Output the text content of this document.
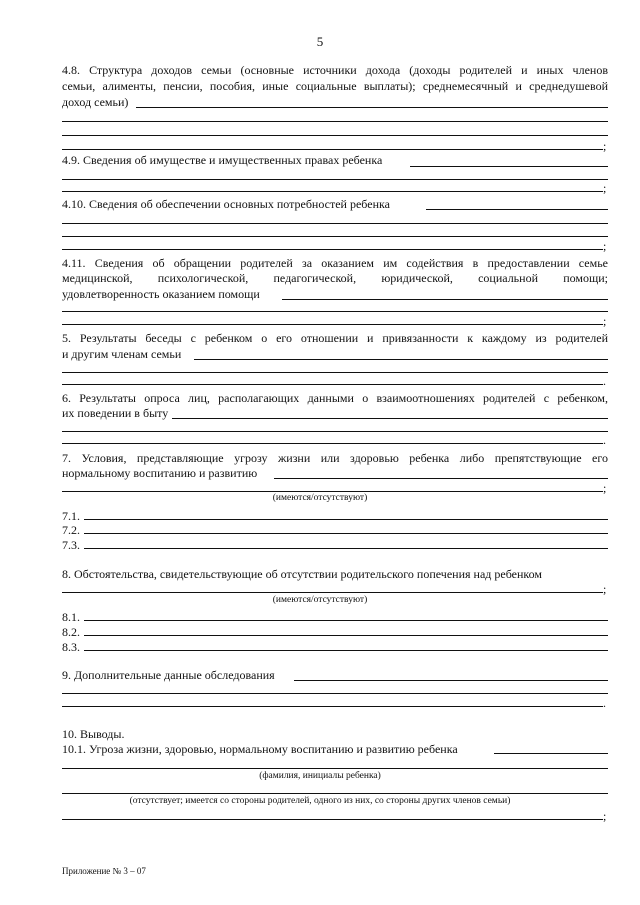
5
4.8. Структура доходов семьи (основные источники дохода (доходы родителей и иных членов
семьи, алименты, пенсии, пособия, иные социальные выплаты); среднемесячный и среднедушевой
доход семьи)
;
4.9. Сведения об имуществе и имущественных правах ребенка
;
4.10. Сведения об обеспечении основных потребностей ребенка
;
4.11. Сведения об обращении родителей за оказанием им содействия в предоставлении семье
медицинской, психологической, педагогической, юридической, социальной помощи;
удовлетворенность оказанием помощи
;
5. Результаты беседы с ребенком о его отношении и привязанности к каждому из родителей
и другим членам семьи
.
6. Результаты опроса лиц, располагающих данными о взаимоотношениях родителей с ребенком,
их поведении в быту
.
7. Условия, представляющие угрозу жизни или здоровью ребенка либо препятствующие его
нормальному воспитанию и развитию
;
(имеются/отсутствуют)
7.1.
7.2.
7.3.
8. Обстоятельства, свидетельствующие об отсутствии родительского попечения над ребенком
;
(имеются/отсутствуют)
8.1.
8.2.
8.3.
9. Дополнительные данные обследования
.
10. Выводы.
10.1. Угроза жизни, здоровью, нормальному воспитанию и развитию ребенка
(фамилия, инициалы ребенка)
(отсутствует; имеется со стороны родителей, одного из них, со стороны других членов семьи)
;
Приложение № 3 – 07
